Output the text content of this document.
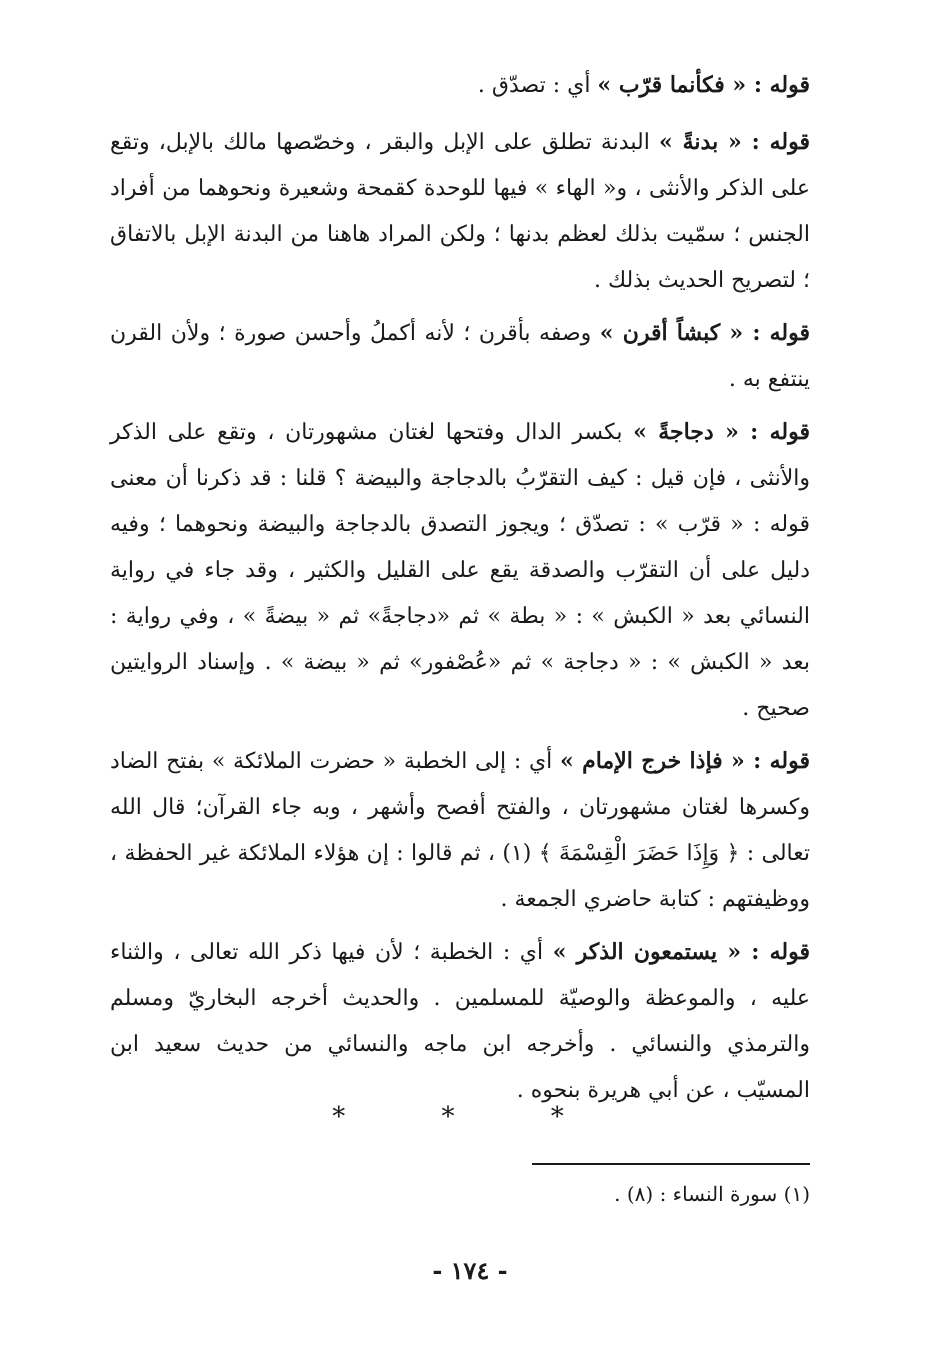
قوله : « فكأنما قرّب » أي : تصدّق .

قوله : « بدنةً » البدنة تطلق على الإبل والبقر ، وخصّصها مالك بالإبل، وتقع على الذكر والأنثى ، و« الهاء » فيها للوحدة كقمحة وشعيرة ونحوهما من أفراد الجنس ؛ سمّيت بذلك لعظم بدنها ؛ ولكن المراد هاهنا من البدنة الإبل بالاتفاق ؛ لتصريح الحديث بذلك .

قوله : « كبشاً أقرن » وصفه بأقرن ؛ لأنه أكملُ وأحسن صورة ؛ ولأن القرن ينتفع به .

قوله : « دجاجةً » بكسر الدال وفتحها لغتان مشهورتان ، وتقع على الذكر والأنثى ، فإن قيل : كيف التقرّبُ بالدجاجة والبيضة ؟ قلنا : قد ذكرنا أن معنى قوله : « قرّب » : تصدّق ؛ ويجوز التصدق بالدجاجة والبيضة ونحوهما ؛ وفيه دليل على أن التقرّب والصدقة يقع على القليل والكثير ، وقد جاء في رواية النسائي بعد « الكبش » : « بطة » ثم «دجاجةً» ثم « بيضةً » ، وفي رواية : بعد « الكبش » : « دجاجة » ثم «عُصْفور» ثم « بيضة » . وإسناد الروايتين صحيح .

قوله : « فإذا خرج الإمام » أي : إلى الخطبة « حضرت الملائكة » بفتح الضاد وكسرها لغتان مشهورتان ، والفتح أفصح وأشهر ، وبه جاء القرآن؛ قال الله تعالى : ﴿ وَإِذَا حَضَرَ الْقِسْمَةَ ﴾ (١) ، ثم قالوا : إن هؤلاء الملائكة غير الحفظة ، ووظيفتهم : كتابة حاضري الجمعة .

قوله : « يستمعون الذكر » أي : الخطبة ؛ لأن فيها ذكر الله تعالى ، والثناء عليه ، والموعظة والوصيّة للمسلمين . والحديث أخرجه البخاريّ ومسلم والترمذي والنسائي . وأخرجه ابن ماجه والنسائي من حديث سعيد ابن المسيّب ، عن أبي هريرة بنحوه .

* * *
(١) سورة النساء : (٨) .
- ١٧٤ -
